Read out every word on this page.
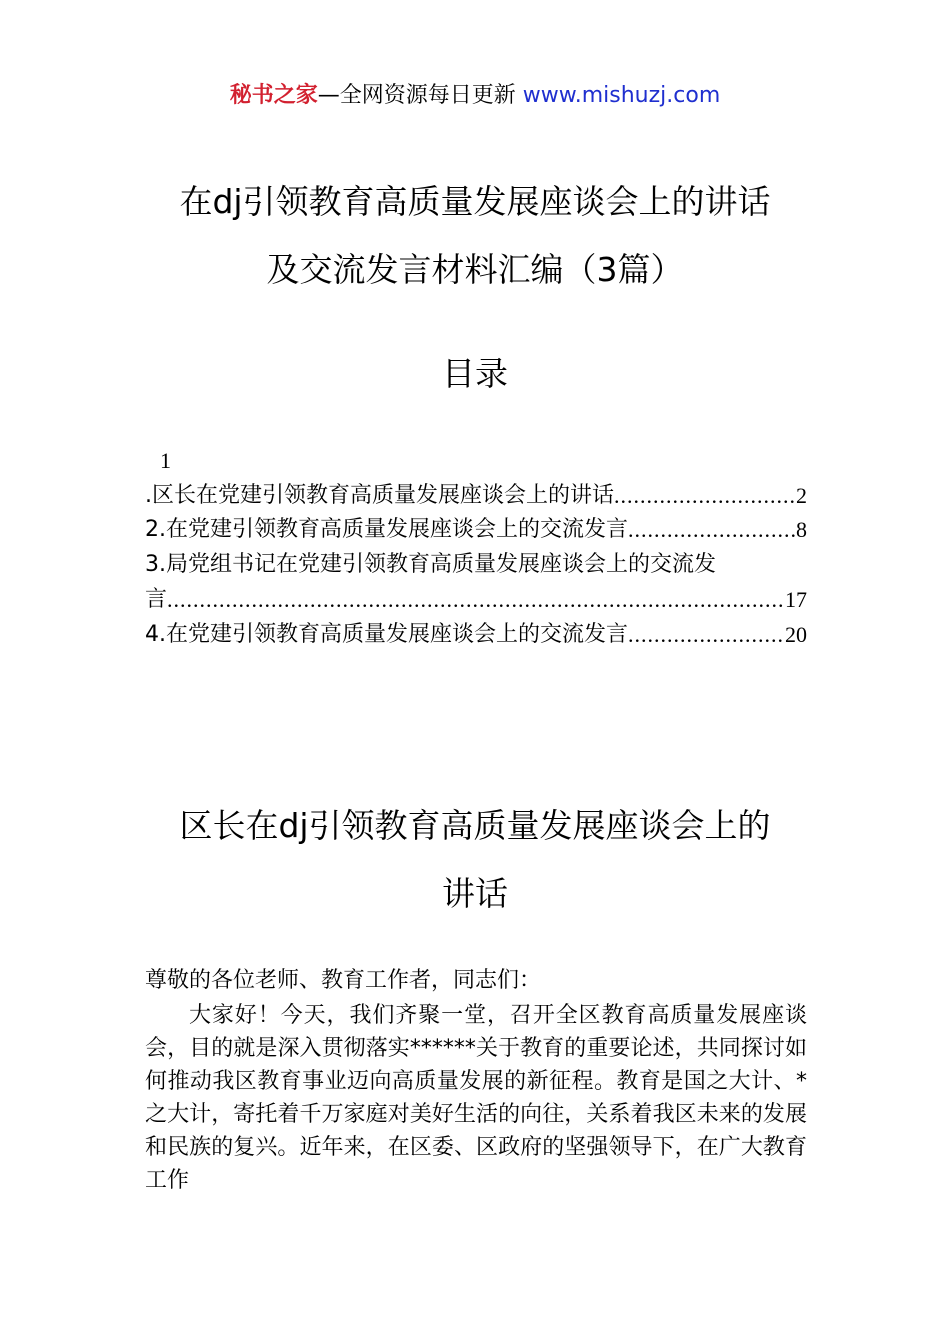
秘书之家—全网资源每日更新 www.mishuzj.com
在dj引领教育高质量发展座谈会上的讲话
及交流发言材料汇编（3篇）
目录
1
.区长在党建引领教育高质量发展座谈会上的讲话 .....	2
2.在党建引领教育高质量发展座谈会上的交流发言 .....	8
3.局党组书记在党建引领教育高质量发展座谈会上的交流发
言 .....	17
4.在党建引领教育高质量发展座谈会上的交流发言 .....	20
区长在dj引领教育高质量发展座谈会上的
讲话
尊敬的各位老师、教育工作者，同志们：
大家好！今天，我们齐聚一堂，召开全区教育高质量发展座谈会，目的就是深入贯彻落实******关于教育的重要论述，共同探讨如何推动我区教育事业迈向高质量发展的新征程。教育是国之大计、*之大计，寄托着千万家庭对美好生活的向往，关系着我区未来的发展和民族的复兴。近年来，在区委、区政府的坚强领导下，在广大教育工作
